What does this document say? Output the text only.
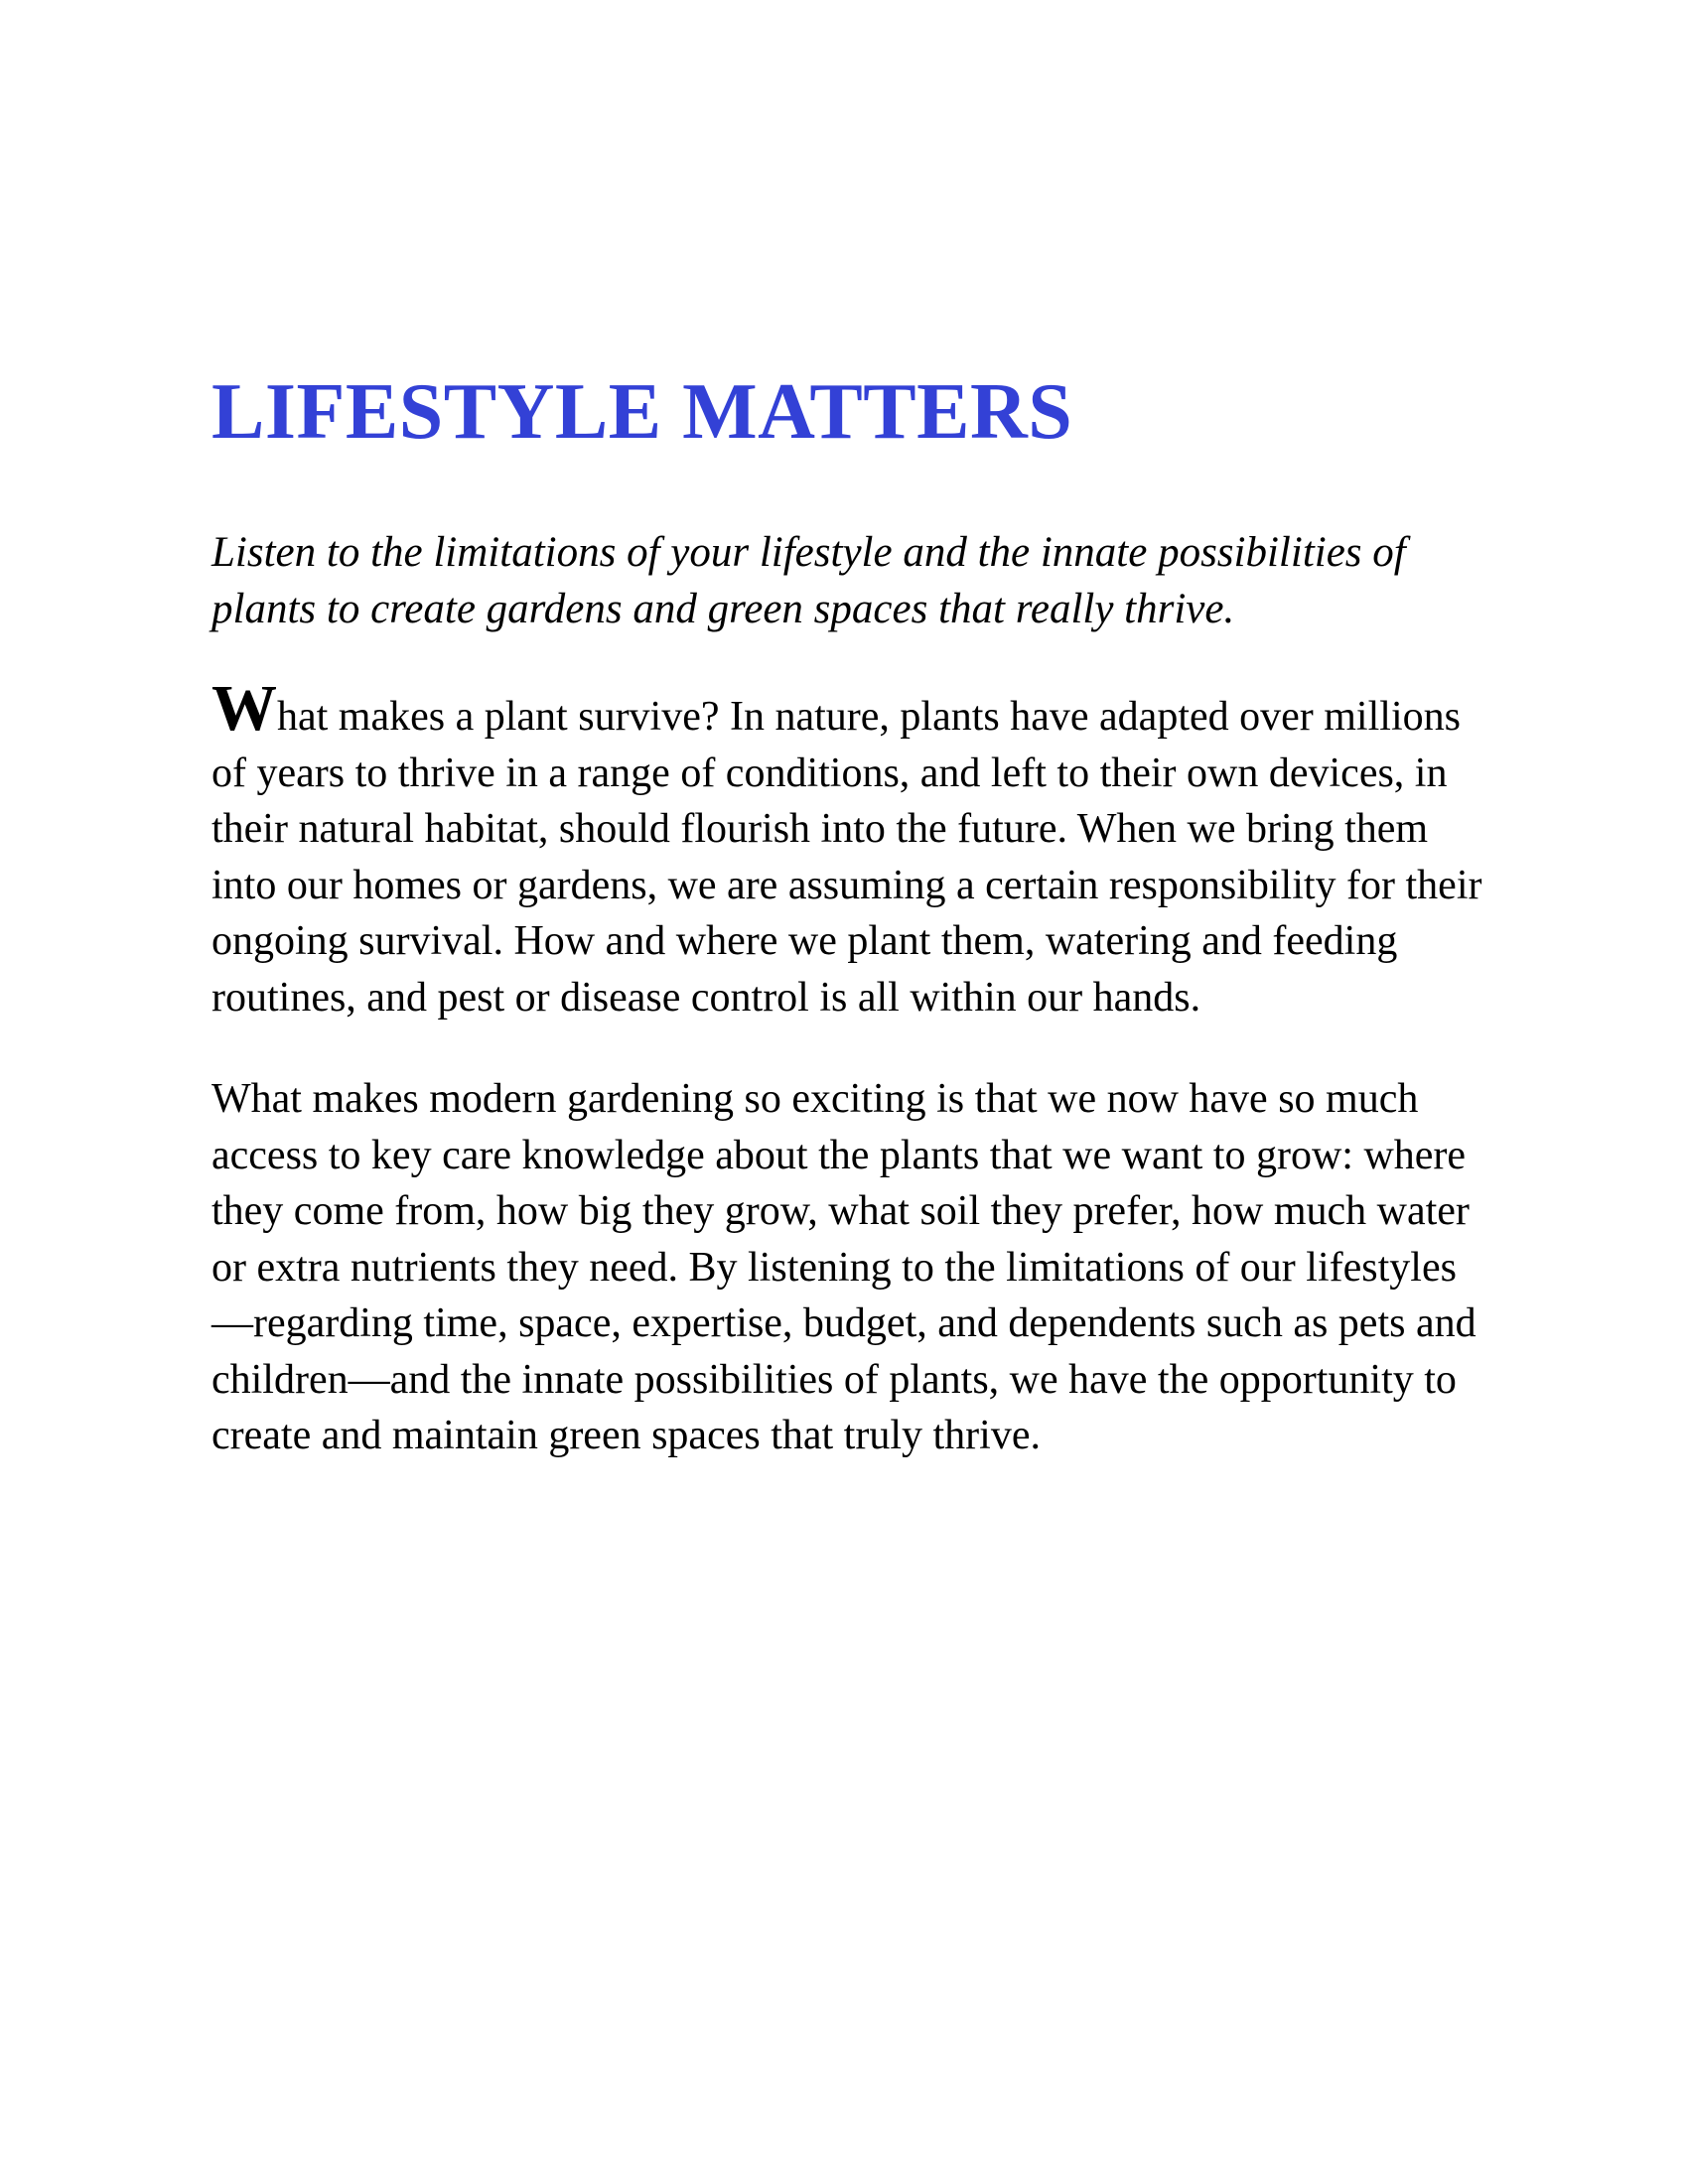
LIFESTYLE MATTERS

Listen to the limitations of your lifestyle and the innate possibilities of plants to create gardens and green spaces that really thrive.

What makes a plant survive? In nature, plants have adapted over millions of years to thrive in a range of conditions, and left to their own devices, in their natural habitat, should flourish into the future. When we bring them into our homes or gardens, we are assuming a certain responsibility for their ongoing survival. How and where we plant them, watering and feeding routines, and pest or disease control is all within our hands.

What makes modern gardening so exciting is that we now have so much access to key care knowledge about the plants that we want to grow: where they come from, how big they grow, what soil they prefer, how much water or extra nutrients they need. By listening to the limitations of our lifestyles—regarding time, space, expertise, budget, and dependents such as pets and children—and the innate possibilities of plants, we have the opportunity to create and maintain green spaces that truly thrive.
